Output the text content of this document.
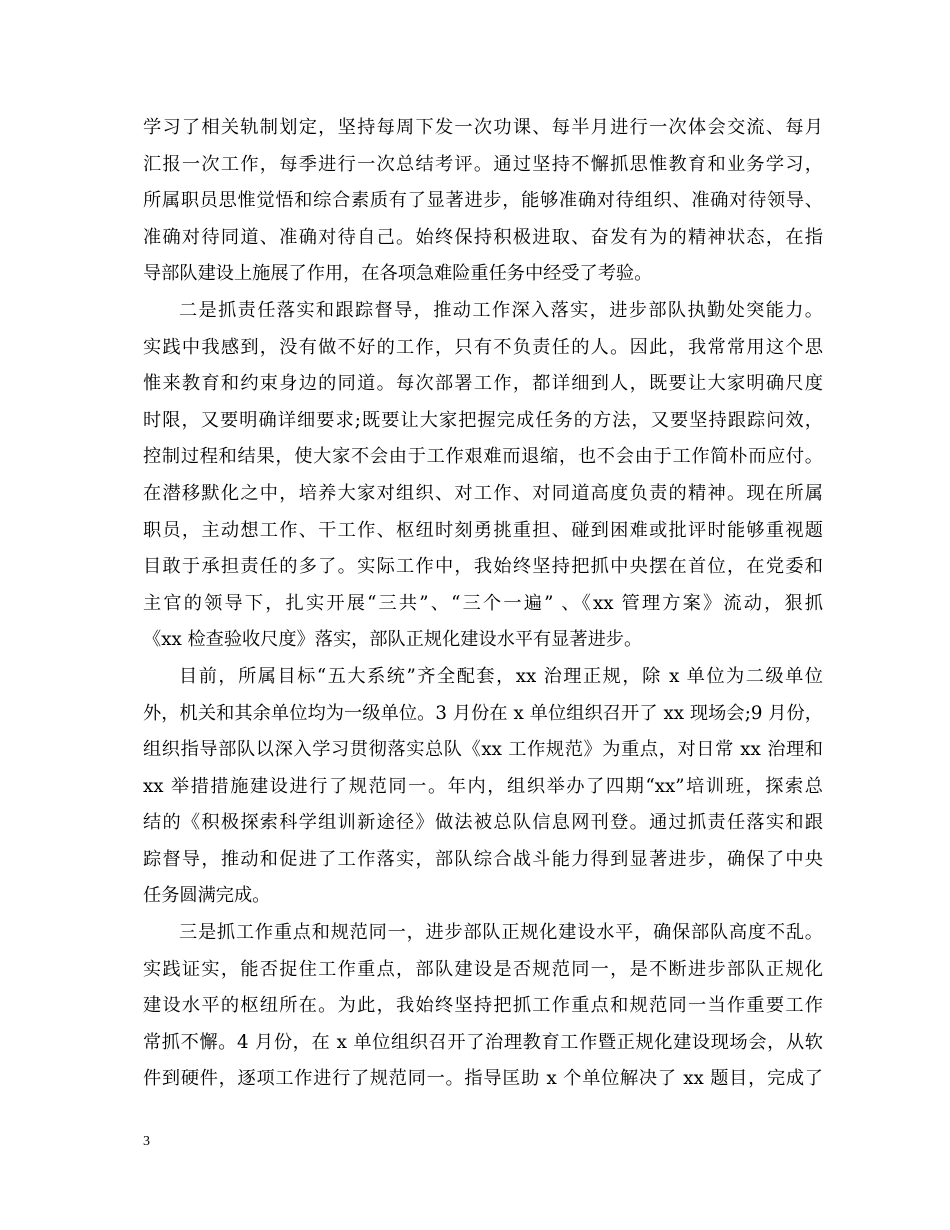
学习了相关轨制划定，坚持每周下发一次功课、每半月进行一次体会交流、每月
汇报一次工作，每季进行一次总结考评。通过坚持不懈抓思惟教育和业务学习，
所属职员思惟觉悟和综合素质有了显著进步，能够准确对待组织、准确对待领导、
准确对待同道、准确对待自己。始终保持积极进取、奋发有为的精神状态，在指
导部队建设上施展了作用，在各项急难险重任务中经受了考验。
二是抓责任落实和跟踪督导，推动工作深入落实，进步部队执勤处突能力。
实践中我感到，没有做不好的工作，只有不负责任的人。因此，我常常用这个思
惟来教育和约束身边的同道。每次部署工作，都详细到人，既要让大家明确尺度
时限，又要明确详细要求;既要让大家把握完成任务的方法，又要坚持跟踪问效，
控制过程和结果，使大家不会由于工作艰难而退缩，也不会由于工作简朴而应付。
在潜移默化之中，培养大家对组织、对工作、对同道高度负责的精神。现在所属
职员，主动想工作、干工作、枢纽时刻勇挑重担、碰到困难或批评时能够重视题
目敢于承担责任的多了。实际工作中，我始终坚持把抓中央摆在首位，在党委和
主官的领导下，扎实开展“三共”、“三个一遍” 、《xx 管理方案》流动，狠抓
《xx 检查验收尺度》落实，部队正规化建设水平有显著进步。
目前，所属目标“五大系统”齐全配套，xx 治理正规，除 x 单位为二级单位
外，机关和其余单位均为一级单位。3 月份在 x 单位组织召开了 xx 现场会;9 月份，
组织指导部队以深入学习贯彻落实总队《xx 工作规范》为重点，对日常 xx 治理和
xx 举措措施建设进行了规范同一。年内，组织举办了四期“xx”培训班，探索总
结的《积极探索科学组训新途径》做法被总队信息网刊登。通过抓责任落实和跟
踪督导，推动和促进了工作落实，部队综合战斗能力得到显著进步，确保了中央
任务圆满完成。
三是抓工作重点和规范同一，进步部队正规化建设水平，确保部队高度不乱。
实践证实，能否捉住工作重点，部队建设是否规范同一，是不断进步部队正规化
建设水平的枢纽所在。为此，我始终坚持把抓工作重点和规范同一当作重要工作
常抓不懈。4 月份，在 x 单位组织召开了治理教育工作暨正规化建设现场会，从软
件到硬件，逐项工作进行了规范同一。指导匡助 x 个单位解决了 xx 题目，完成了
3
